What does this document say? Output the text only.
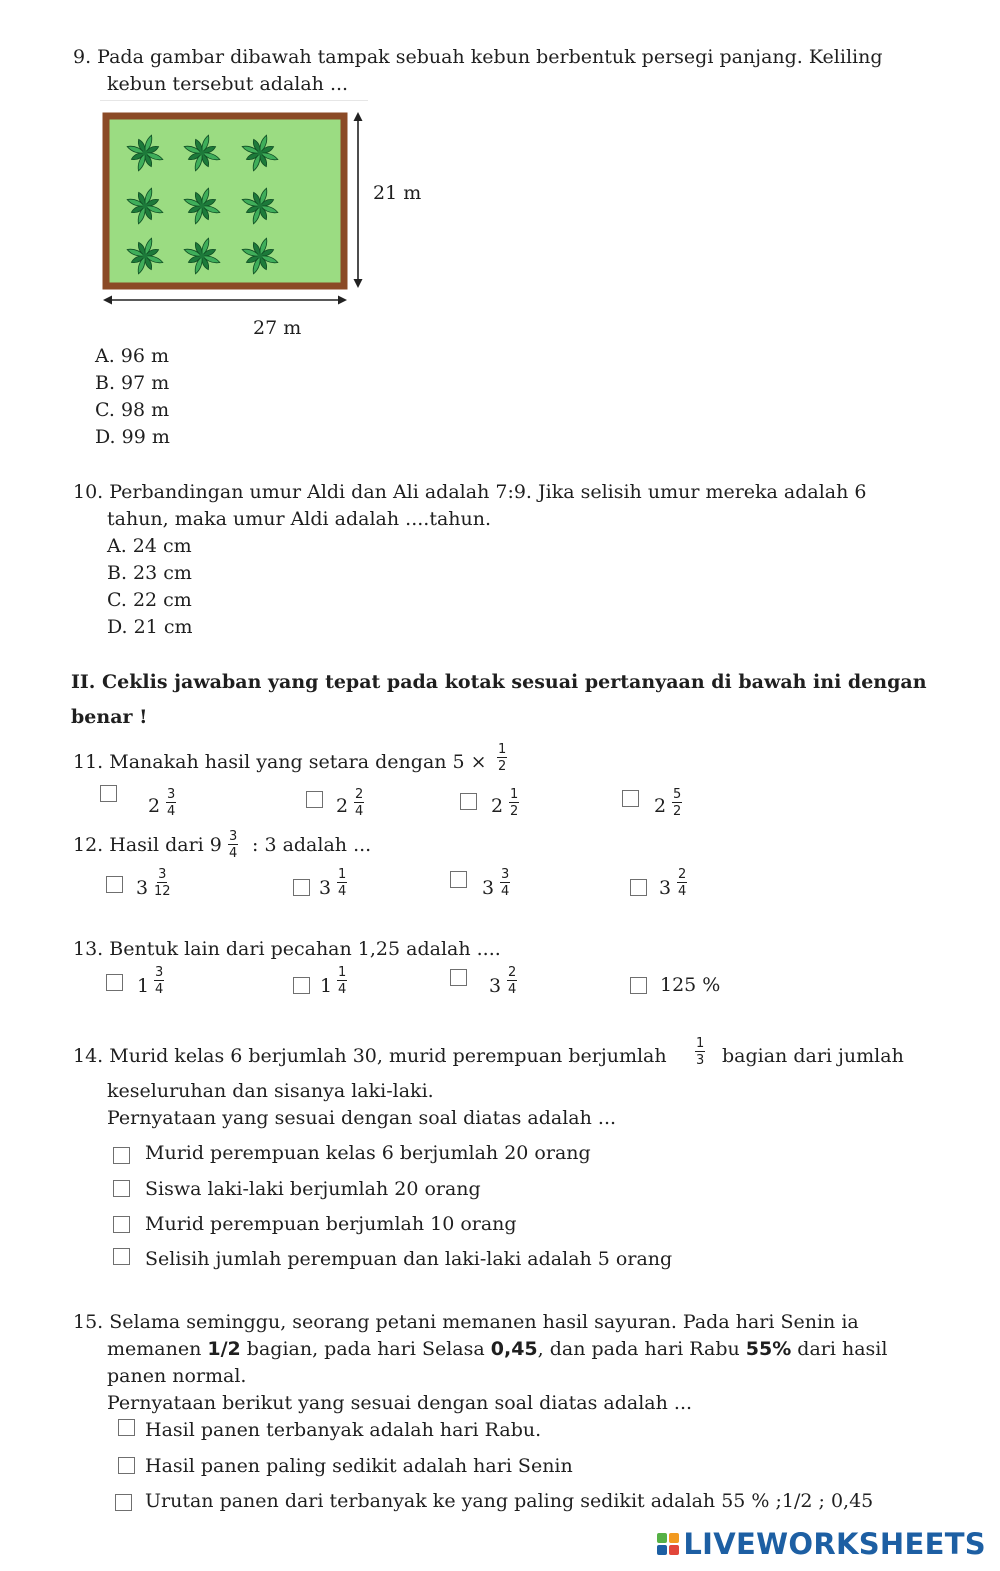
9. Pada gambar dibawah tampak sebuah kebun berbentuk persegi panjang. Keliling
kebun tersebut adalah ...
21 m
27 m
A. 96 m
B. 97 m
C. 98 m
D. 99 m
10. Perbandingan umur Aldi dan Ali adalah 7:9. Jika selisih umur mereka adalah 6
tahun, maka umur Aldi adalah ....tahun.
A. 24 cm
B. 23 cm
C. 22 cm
D. 21 cm
II. Ceklis jawaban yang tepat pada kotak sesuai pertanyaan di bawah ini dengan
benar !
11. Manakah hasil yang setara dengan $5 \times \frac{1}{2}$
$2 \frac{3}{4}$	$2 \frac{2}{4}$	$2 \frac{1}{2}$	$2 \frac{5}{2}$
12. Hasil dari $9 \frac{3}{4}$ : 3 adalah ...
$3 \frac{3}{12}$	$3 \frac{1}{4}$	$3 \frac{3}{4}$	$3 \frac{2}{4}$
13. Bentuk lain dari pecahan 1,25 adalah ....
$1 \frac{3}{4}$	$1 \frac{1}{4}$	$3 \frac{2}{4}$	125 %
14. Murid kelas 6 berjumlah 30, murid perempuan berjumlah $\frac{1}{3}$ bagian dari jumlah
keseluruhan dan sisanya laki-laki.
Pernyataan yang sesuai dengan soal diatas adalah ...
Murid perempuan kelas 6 berjumlah 20 orang
Siswa laki-laki berjumlah 20 orang
Murid perempuan berjumlah 10 orang
Selisih jumlah perempuan dan laki-laki adalah 5 orang
15. Selama seminggu, seorang petani memanen hasil sayuran. Pada hari Senin ia
memanen 1/2 bagian, pada hari Selasa 0,45, dan pada hari Rabu 55% dari hasil
panen normal.
Pernyataan berikut yang sesuai dengan soal diatas adalah ...
Hasil panen terbanyak adalah hari Rabu.
Hasil panen paling sedikit adalah hari Senin
Urutan panen dari terbanyak ke yang paling sedikit adalah 55 % ;1/2 ; 0,45
LIVEWORKSHEETS
